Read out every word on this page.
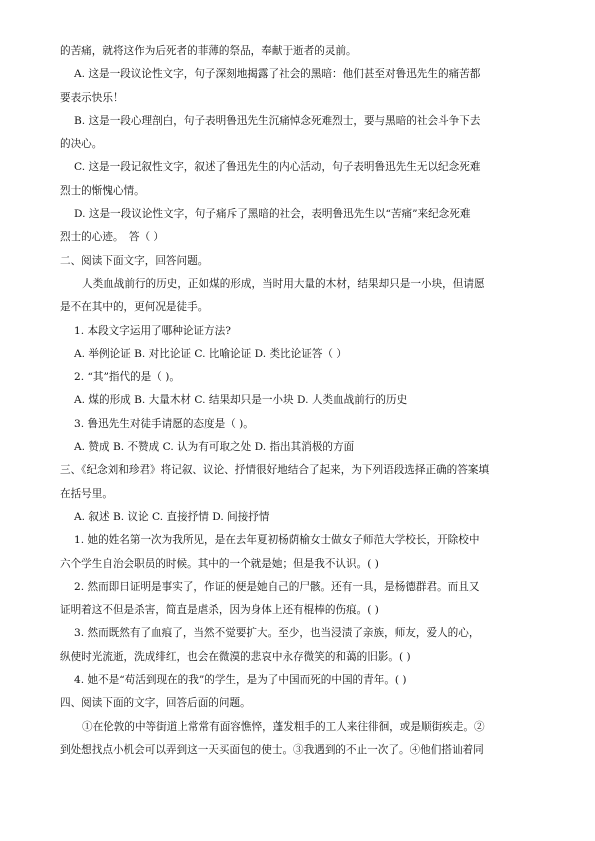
的苦痛，就将这作为后死者的菲薄的祭品，奉献于逝者的灵前。
A. 这是一段议论性文字，句子深刻地揭露了社会的黑暗：他们甚至对鲁迅先生的痛苦都
要表示快乐！
B. 这是一段心理剖白，句子表明鲁迅先生沉痛悼念死难烈士，要与黑暗的社会斗争下去
的决心。
C. 这是一段记叙性文字，叙述了鲁迅先生的内心活动，句子表明鲁迅先生无以纪念死难
烈士的惭愧心情。
D. 这是一段议论性文字，句子痛斥了黑暗的社会，表明鲁迅先生以“苦痛”来纪念死难
烈士的心迹。　答（ ）
二、阅读下面文字，回答问题。
人类血战前行的历史，正如煤的形成，当时用大量的木材，结果却只是一小块，但请愿
是不在其中的，更何况是徒手。
1. 本段文字运用了哪种论证方法?
A. 举例论证 B. 对比论证 C. 比喻论证 D. 类比论证答（ ）
2. “其”指代的是（ )。
A. 煤的形成 B. 大量木材 C. 结果却只是一小块 D. 人类血战前行的历史
3. 鲁迅先生对徒手请愿的态度是（ )。
A. 赞成 B. 不赞成 C. 认为有可取之处 D. 指出其消极的方面
三、《纪念刘和珍君》将记叙、议论、抒情很好地结合了起来，为下列语段选择正确的答案填
在括号里。
A. 叙述 B. 议论 C. 直接抒情 D. 间接抒情
1. 她的姓名第一次为我所见，是在去年夏初杨荫榆女士做女子师范大学校长，开除校中
六个学生自治会职员的时候。其中的一个就是她；但是我不认识。( )
2. 然而即日证明是事实了，作证的便是她自己的尸骸。还有一具，是杨德群君。而且又
证明着这不但是杀害，简直是虐杀，因为身体上还有棍棒的伤痕。( )
3. 然而既然有了血痕了，当然不觉要扩大。至少，也当浸渍了亲族，师友，爱人的心，
纵使时光流逝，洗成绯红，也会在微漠的悲哀中永存微笑的和蔼的旧影。( )
4. 她不是“苟活到现在的我”的学生，是为了中国而死的中国的青年。( )
四、阅读下面的文字，回答后面的问题。
①在伦敦的中等街道上常常有面容憔悴，蓬发粗手的工人来往徘徊，或是顺街疾走。②
到处想找点小机会可以弄到这一天买面包的使士。③我遇到的不止一次了。④他们搭讪着同
